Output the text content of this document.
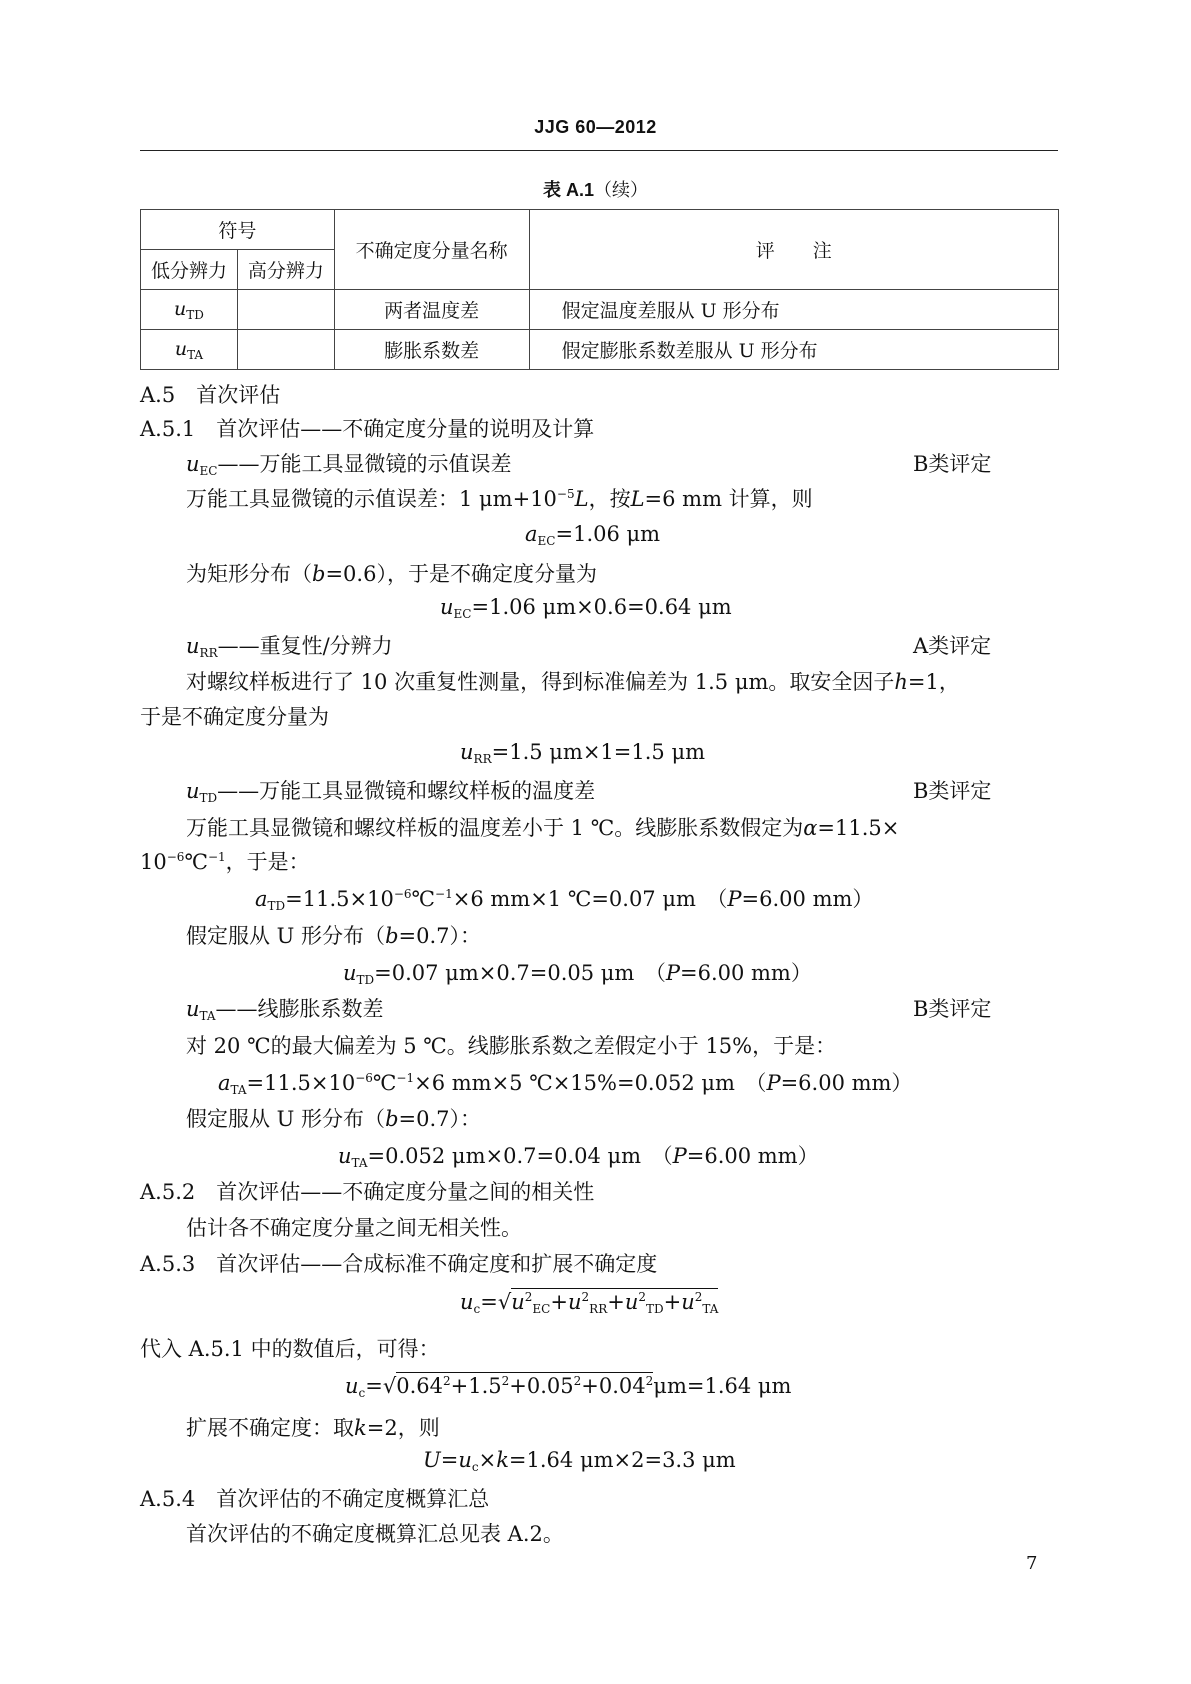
JJG 60—2012
表 A.1（续）
符号		不确定度分量名称	评　　注
低分辨力	高分辨力		
$u_{TD}$		两者温度差	假定温度差服从 U 形分布
$u_{TA}$		膨胀系数差	假定膨胀系数差服从 U 形分布
A.5　首次评估
A.5.1　首次评估——不确定度分量的说明及计算
$u_{EC}——$万能工具显微镜的示值误差	B类评定
万能工具显微镜的示值误差：1 $\mu m+10^{-5}L$，按L=6 mm 计算，则
$a_{EC}=1.06$ μm
为矩形分布（b=0.6），于是不确定度分量为
$u_{EC}=1.06$ μm×0.6=0.64 μm
$u_{RR}——$重复性/分辨力	A类评定
对螺纹样板进行了 10 次重复性测量，得到标准偏差为 1.5 μm。取安全因子h=1，
于是不确定度分量为
$u_{RR}=1.5$ μm×1=1.5 μm
$u_{TD}——$万能工具显微镜和螺纹样板的温度差	B类评定
万能工具显微镜和螺纹样板的温度差小于 1 ℃。线膨胀系数假定为α=11.5×
$10^{-6}℃^{-1}$，于是：
$a_{TD}=11.5\times 10^{-6}℃^{-1}\times 6$ mm×1 ℃=0.07 μm　（P=6.00 mm）
假定服从 U 形分布（b=0.7）：
$u_{TD}=0.07$ μm×0.7=0.05 μm　（P=6.00 mm）
$u_{TA}——$线膨胀系数差	B类评定
对 20 ℃的最大偏差为 5 ℃。线膨胀系数之差假定小于 15%，于是：
$a_{TA}=11.5\times 10^{-6}℃^{-1}\times 6$ mm×5 ℃×15%=0.052 μm　（P=6.00 mm）
假定服从 U 形分布（b=0.7）：
$u_{TA}=0.052$ μm×0.7=0.04 μm　（P=6.00 mm）
A.5.2　首次评估——不确定度分量之间的相关性
估计各不确定度分量之间无相关性。
A.5.3　首次评估——合成标准不确定度和扩展不确定度
$u_c=√u^2_{EC}+u^2_{RR}+u^2_{TD}+u^2_{TA}$
代入 A.5.1 中的数值后，可得：
$u_c=√0.64^2+1.5^2+0.05^2+0.04^2\mu m=1.64$ μm
扩展不确定度：取k=2，则
$U=u_c\times k=1.64$ μm×2=3.3 μm
A.5.4　首次评估的不确定度概算汇总
首次评估的不确定度概算汇总见表 A.2。
7
